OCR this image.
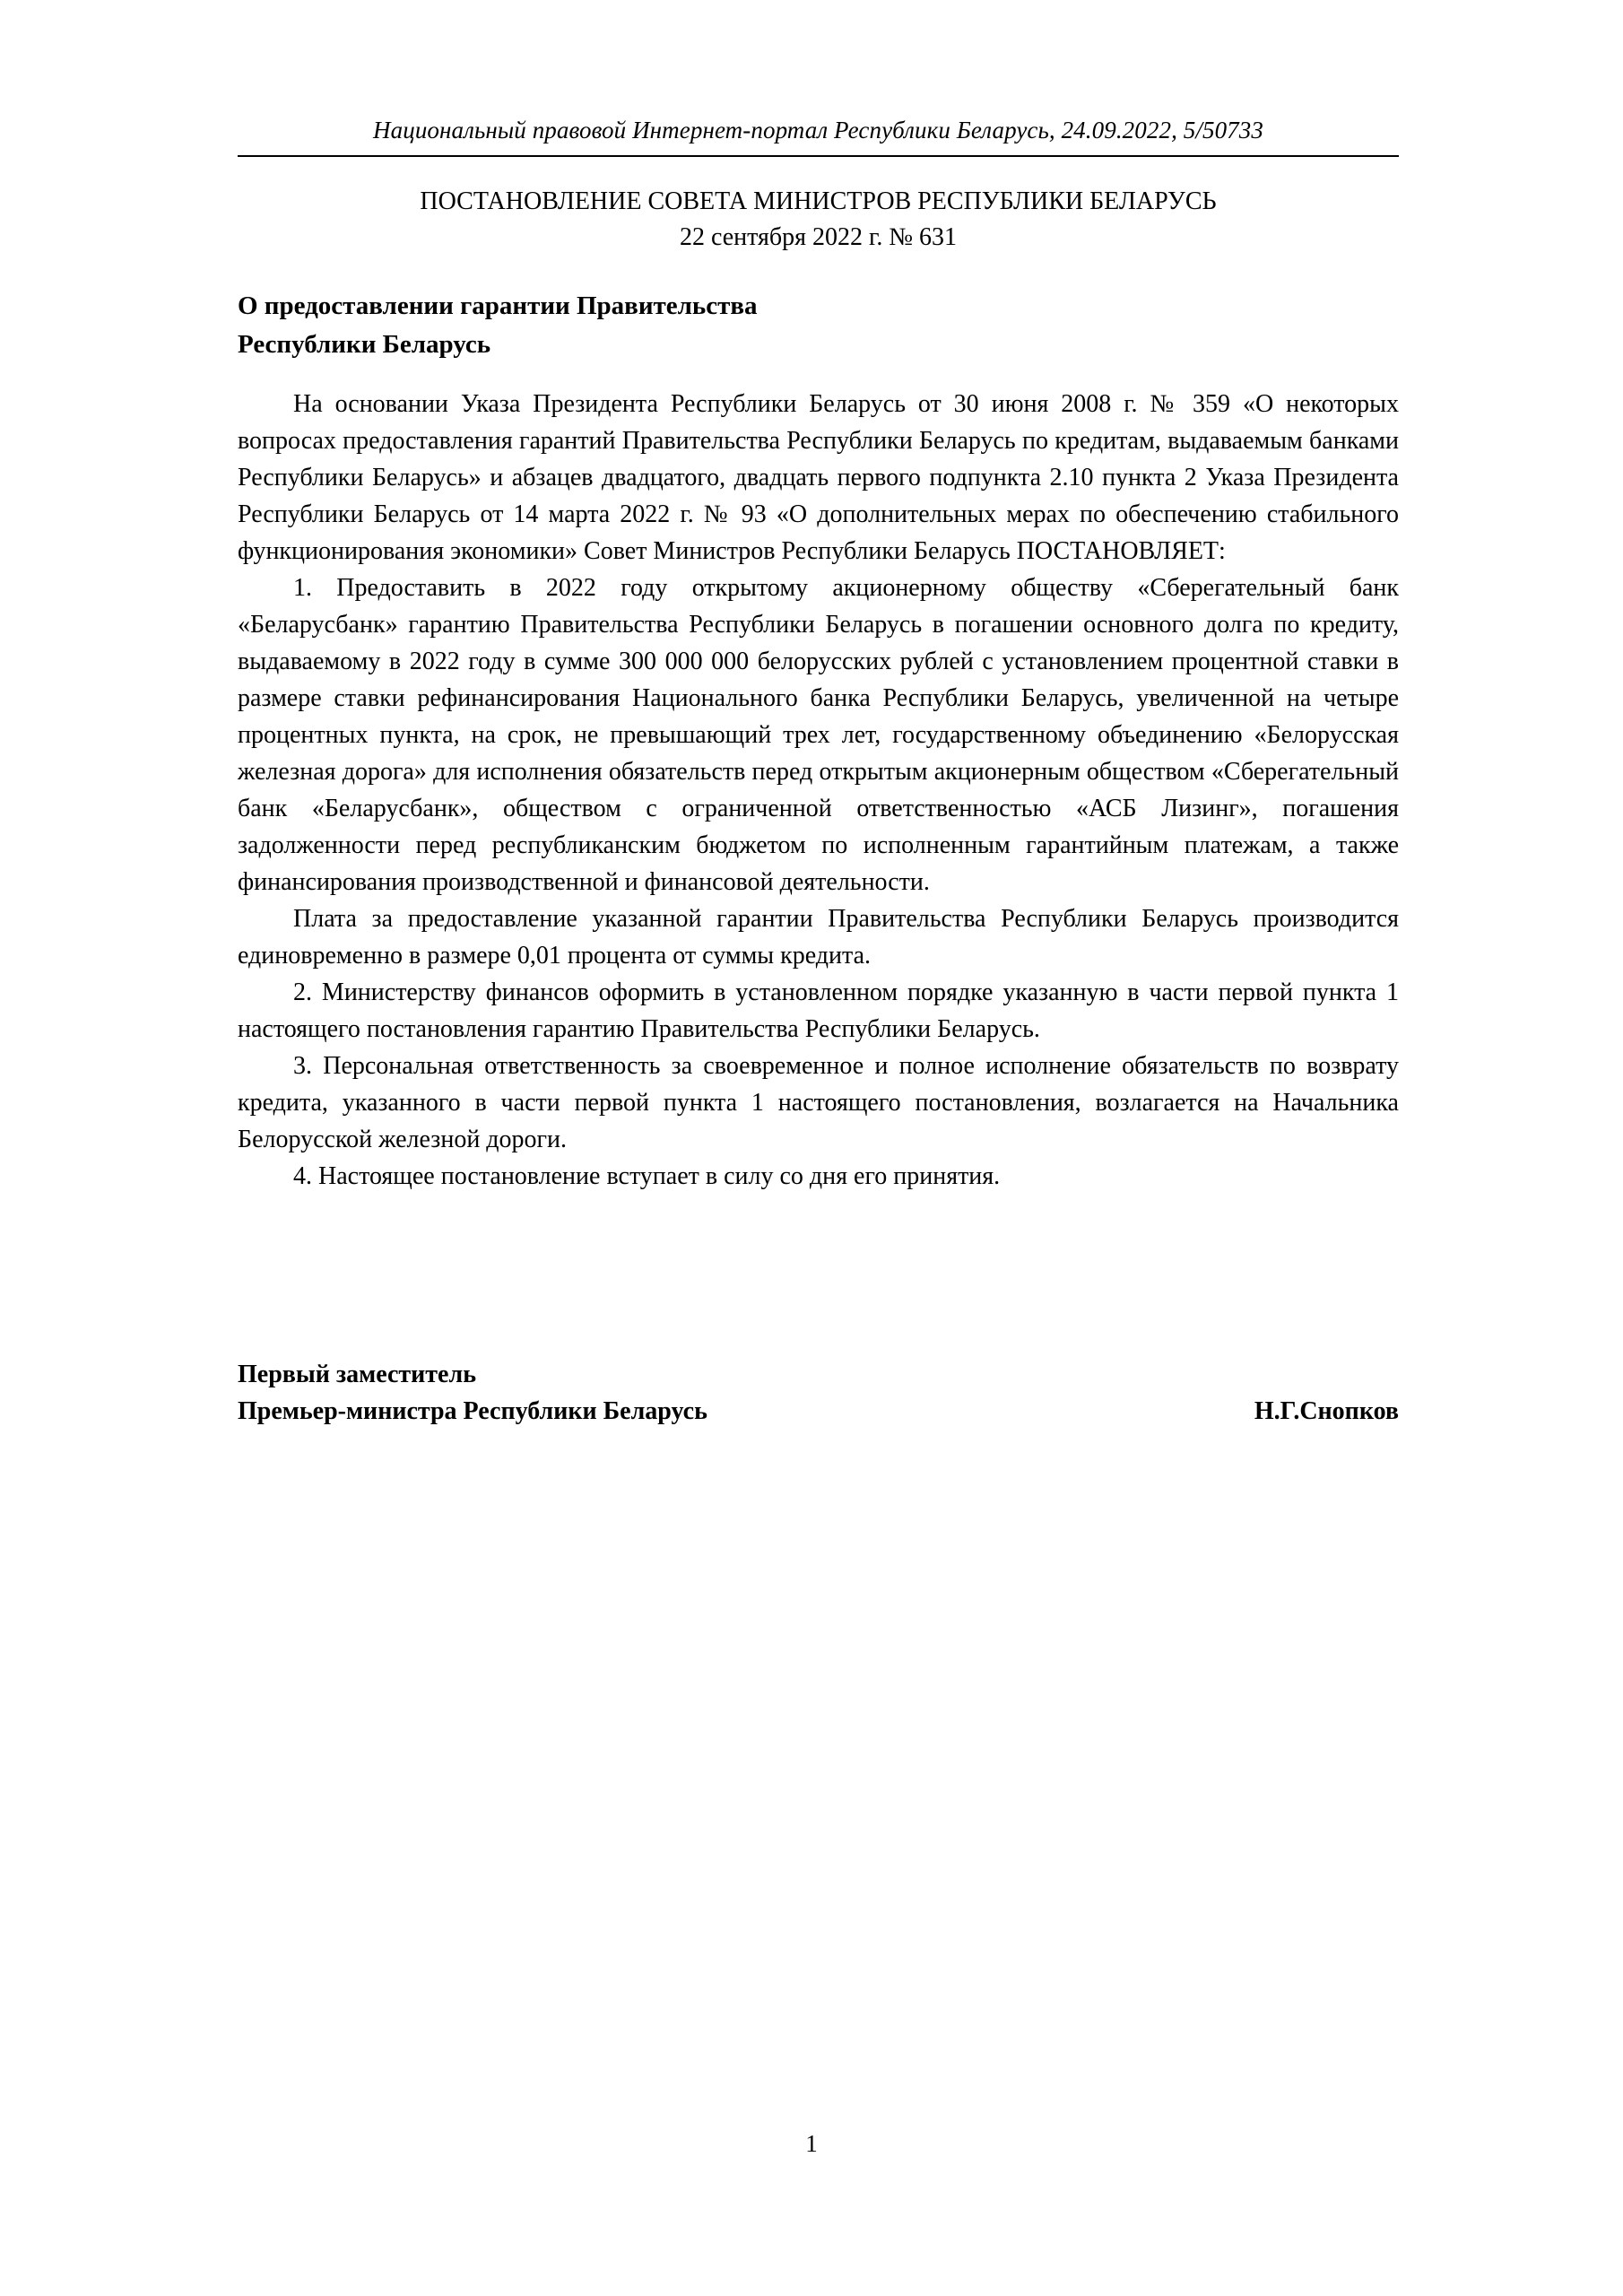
Национальный правовой Интернет-портал Республики Беларусь, 24.09.2022, 5/50733
ПОСТАНОВЛЕНИЕ СОВЕТА МИНИСТРОВ РЕСПУБЛИКИ БЕЛАРУСЬ
22 сентября 2022 г. № 631
О предоставлении гарантии Правительства
Республики Беларусь

На основании Указа Президента Республики Беларусь от 30 июня 2008 г. № 359 «О некоторых вопросах предоставления гарантий Правительства Республики Беларусь по кредитам, выдаваемым банками Республики Беларусь» и абзацев двадцатого, двадцать первого подпункта 2.10 пункта 2 Указа Президента Республики Беларусь от 14 марта 2022 г. № 93 «О дополнительных мерах по обеспечению стабильного функционирования экономики» Совет Министров Республики Беларусь ПОСТАНОВЛЯЕТ:

1. Предоставить в 2022 году открытому акционерному обществу «Сберегательный банк «Беларусбанк» гарантию Правительства Республики Беларусь в погашении основного долга по кредиту, выдаваемому в 2022 году в сумме 300 000 000 белорусских рублей с установлением процентной ставки в размере ставки рефинансирования Национального банка Республики Беларусь, увеличенной на четыре процентных пункта, на срок, не превышающий трех лет, государственному объединению «Белорусская железная дорога» для исполнения обязательств перед открытым акционерным обществом «Сберегательный банк «Беларусбанк», обществом с ограниченной ответственностью «АСБ Лизинг», погашения задолженности перед республиканским бюджетом по исполненным гарантийным платежам, а также финансирования производственной и финансовой деятельности.

Плата за предоставление указанной гарантии Правительства Республики Беларусь производится единовременно в размере 0,01 процента от суммы кредита.

2. Министерству финансов оформить в установленном порядке указанную в части первой пункта 1 настоящего постановления гарантию Правительства Республики Беларусь.

3. Персональная ответственность за своевременное и полное исполнение обязательств по возврату кредита, указанного в части первой пункта 1 настоящего постановления, возлагается на Начальника Белорусской железной дороги.

4. Настоящее постановление вступает в силу со дня его принятия.

Первый заместитель
Премьер-министра Республики Беларусь	Н.Г.Снопков
1
